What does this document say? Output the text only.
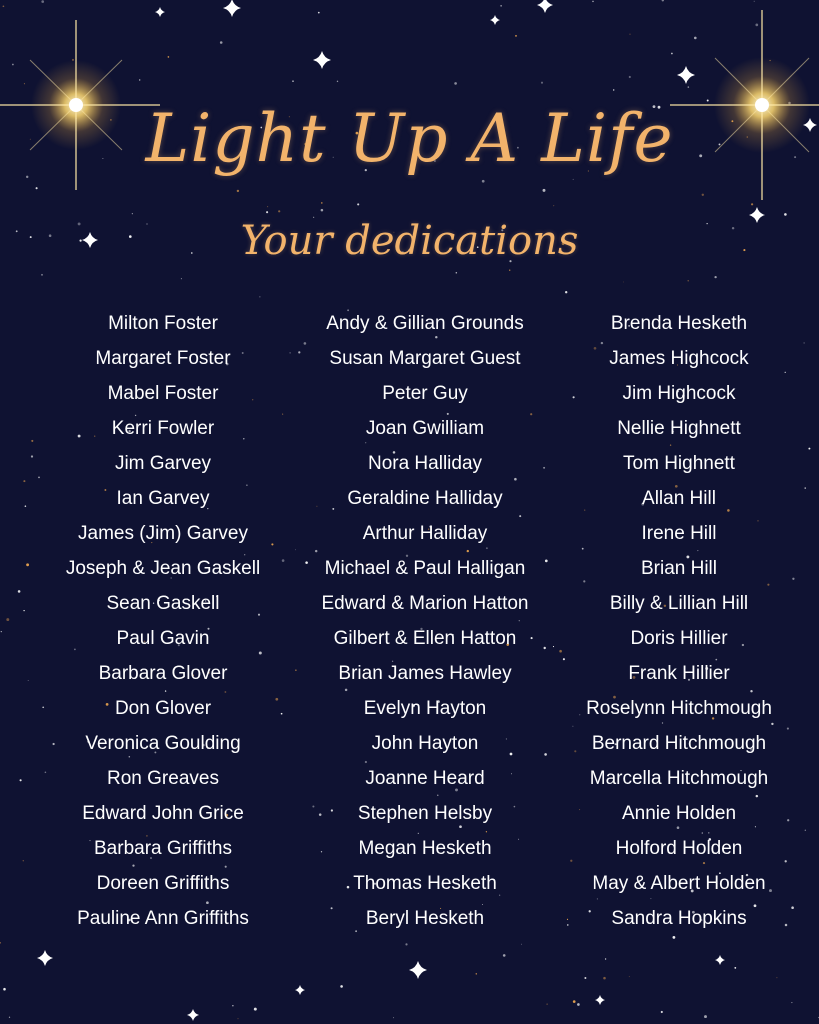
Light Up A Life
Your dedications
Milton Foster
Margaret Foster
Mabel Foster
Kerri Fowler
Jim Garvey
Ian Garvey
James (Jim) Garvey
Joseph & Jean Gaskell
Sean Gaskell
Paul Gavin
Barbara Glover
Don Glover
Veronica Goulding
Ron Greaves
Edward John Grice
Barbara Griffiths
Doreen Griffiths
Pauline Ann Griffiths
Andy & Gillian Grounds
Susan Margaret Guest
Peter Guy
Joan Gwilliam
Nora Halliday
Geraldine Halliday
Arthur Halliday
Michael & Paul Halligan
Edward & Marion Hatton
Gilbert & Ellen Hatton
Brian James Hawley
Evelyn Hayton
John Hayton
Joanne Heard
Stephen Helsby
Megan Hesketh
Thomas Hesketh
Beryl Hesketh
Brenda Hesketh
James Highcock
Jim Highcock
Nellie Highnett
Tom Highnett
Allan Hill
Irene Hill
Brian Hill
Billy & Lillian Hill
Doris Hillier
Frank Hillier
Roselynn Hitchmough
Bernard Hitchmough
Marcella Hitchmough
Annie Holden
Holford Holden
May & Albert Holden
Sandra Hopkins
